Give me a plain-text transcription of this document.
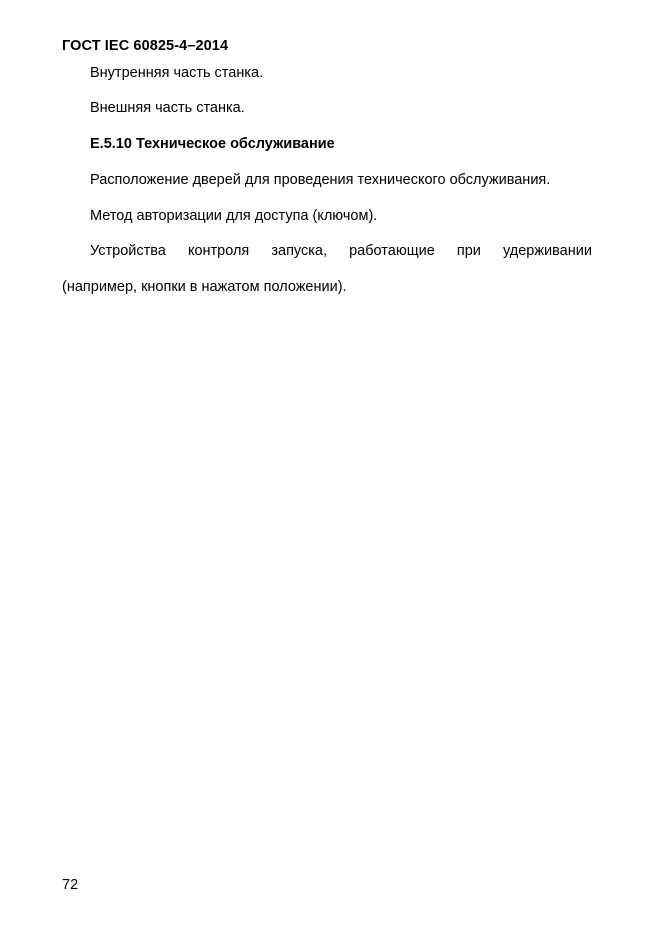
ГОСТ IEC 60825-4–2014
Внутренняя часть станка.
Внешняя часть станка.
E.5.10 Техническое обслуживание
Расположение дверей для проведения технического обслуживания.
Метод авторизации для доступа (ключом).
Устройства контроля запуска, работающие при удерживании
(например, кнопки в нажатом положении).
72
